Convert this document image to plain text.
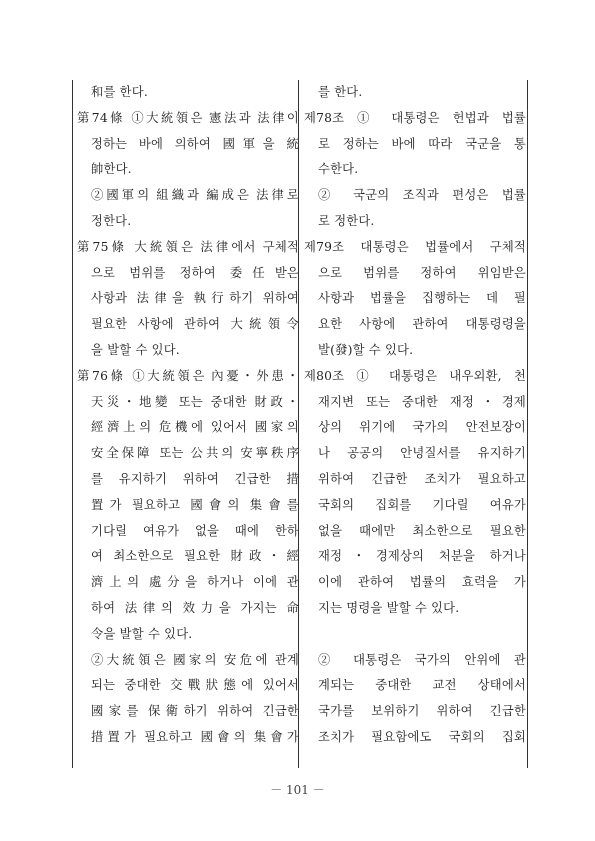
和를 한다.
第74條 ①大統領은 憲法과 法律이
정하는 바에 의하여 國軍을 統
帥한다.
②國軍의 組織과 編成은 法律로
정한다.
第75條 大統領은 法律에서 구체적
으로 범위를 정하여 委任받은
사항과 法律을 執行하기 위하여
필요한 사항에 관하여 大統領令
을 발할 수 있다.
第76條 ①大統領은 內憂・外患・
天災・地變 또는 중대한 財政・
經濟上의 危機에 있어서 國家의
安全保障 또는 公共의 安寧秩序
를 유지하기 위하여 긴급한 措
置가 필요하고 國會의 集會를
기다릴 여유가 없을 때에 한하
여 최소한으로 필요한 財政・經
濟上의 處分을 하거나 이에 관
하여 法律의 效力을 가지는 命
令을 발할 수 있다.
②大統領은 國家의 安危에 관계
되는 중대한 交戰狀態에 있어서
國家를 保衛하기 위하여 긴급한
措置가 필요하고 國會의 集會가
를 한다.
제78조 ① 대통령은 헌법과 법률
로 정하는 바에 따라 국군을 통
수한다.
② 국군의 조직과 편성은 법률
로 정한다.
제79조 대통령은 법률에서 구체적
으로 범위를 정하여 위임받은
사항과 법률을 집행하는 데 필
요한 사항에 관하여 대통령령을
발(發)할 수 있다.
제80조 ① 대통령은 내우외환, 천
재지변 또는 중대한 재정・경제
상의 위기에 국가의 안전보장이
나 공공의 안녕질서를 유지하기
위하여 긴급한 조치가 필요하고
국회의 집회를 기다릴 여유가
없을 때에만 최소한으로 필요한
재정・경제상의 처분을 하거나
이에 관하여 법률의 효력을 가
지는 명령을 발할 수 있다.
② 대통령은 국가의 안위에 관
계되는 중대한 교전 상태에서
국가를 보위하기 위하여 긴급한
조치가 필요함에도 국회의 집회
－ 101 －
